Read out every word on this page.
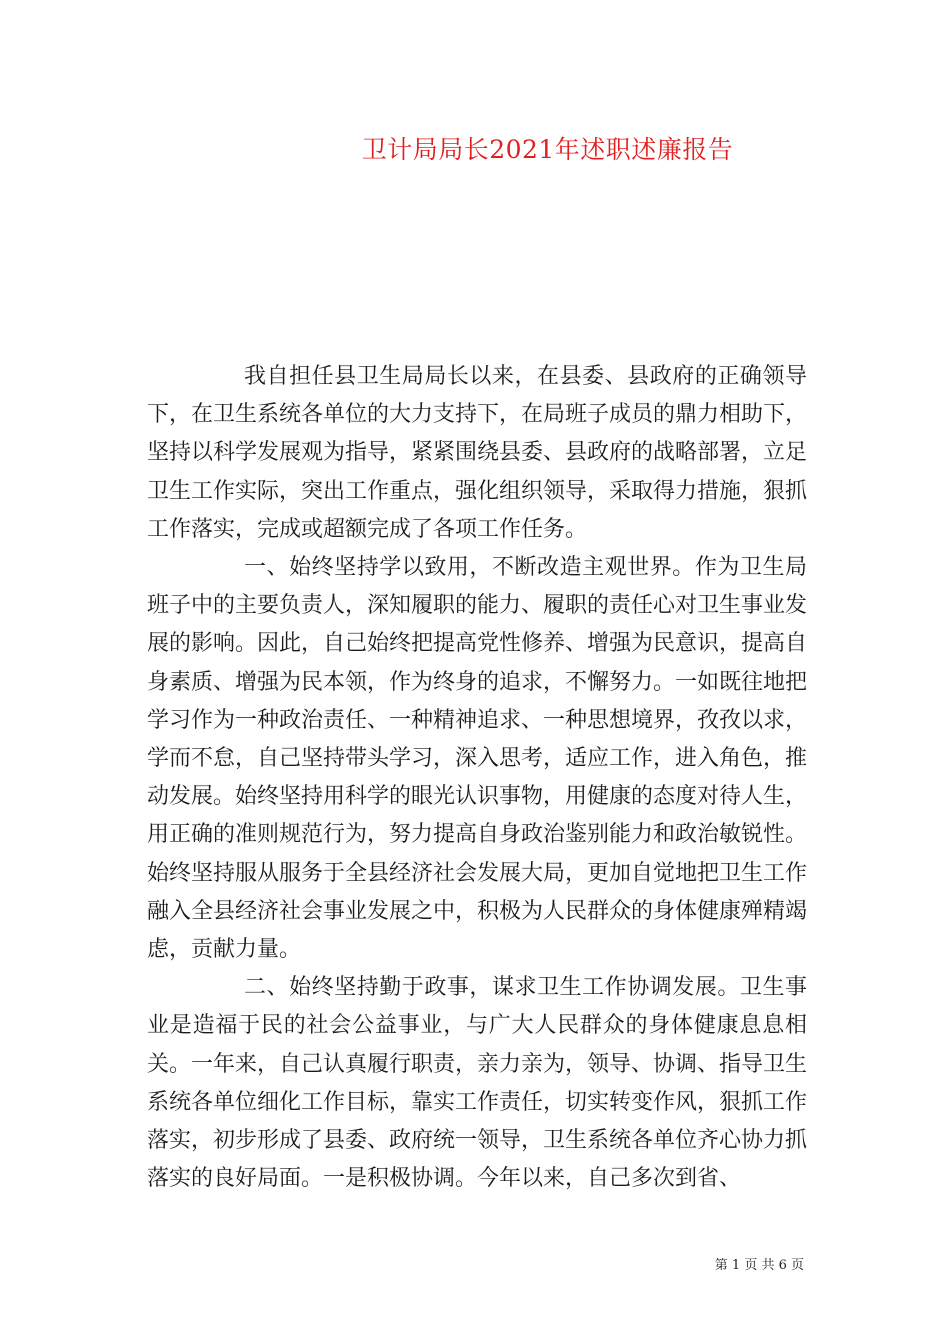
卫计局局长2021年述职述廉报告

我自担任县卫生局局长以来，在县委、县政府的正确领导下，在卫生系统各单位的大力支持下，在局班子成员的鼎力相助下，坚持以科学发展观为指导，紧紧围绕县委、县政府的战略部署，立足卫生工作实际，突出工作重点，强化组织领导，采取得力措施，狠抓工作落实，完成或超额完成了各项工作任务。

一、始终坚持学以致用，不断改造主观世界。作为卫生局班子中的主要负责人，深知履职的能力、履职的责任心对卫生事业发展的影响。因此，自己始终把提高党性修养、增强为民意识，提高自身素质、增强为民本领，作为终身的追求，不懈努力。一如既往地把学习作为一种政治责任、一种精神追求、一种思想境界，孜孜以求，学而不怠，自己坚持带头学习，深入思考，适应工作，进入角色，推动发展。始终坚持用科学的眼光认识事物，用健康的态度对待人生，用正确的准则规范行为，努力提高自身政治鉴别能力和政治敏锐性。始终坚持服从服务于全县经济社会发展大局，更加自觉地把卫生工作融入全县经济社会事业发展之中，积极为人民群众的身体健康殚精竭虑，贡献力量。

二、始终坚持勤于政事，谋求卫生工作协调发展。卫生事业是造福于民的社会公益事业，与广大人民群众的身体健康息息相关。一年来，自己认真履行职责，亲力亲为，领导、协调、指导卫生系统各单位细化工作目标，靠实工作责任，切实转变作风，狠抓工作落实，初步形成了县委、政府统一领导，卫生系统各单位齐心协力抓落实的良好局面。一是积极协调。今年以来，自己多次到省、

第 1 页 共 6 页
